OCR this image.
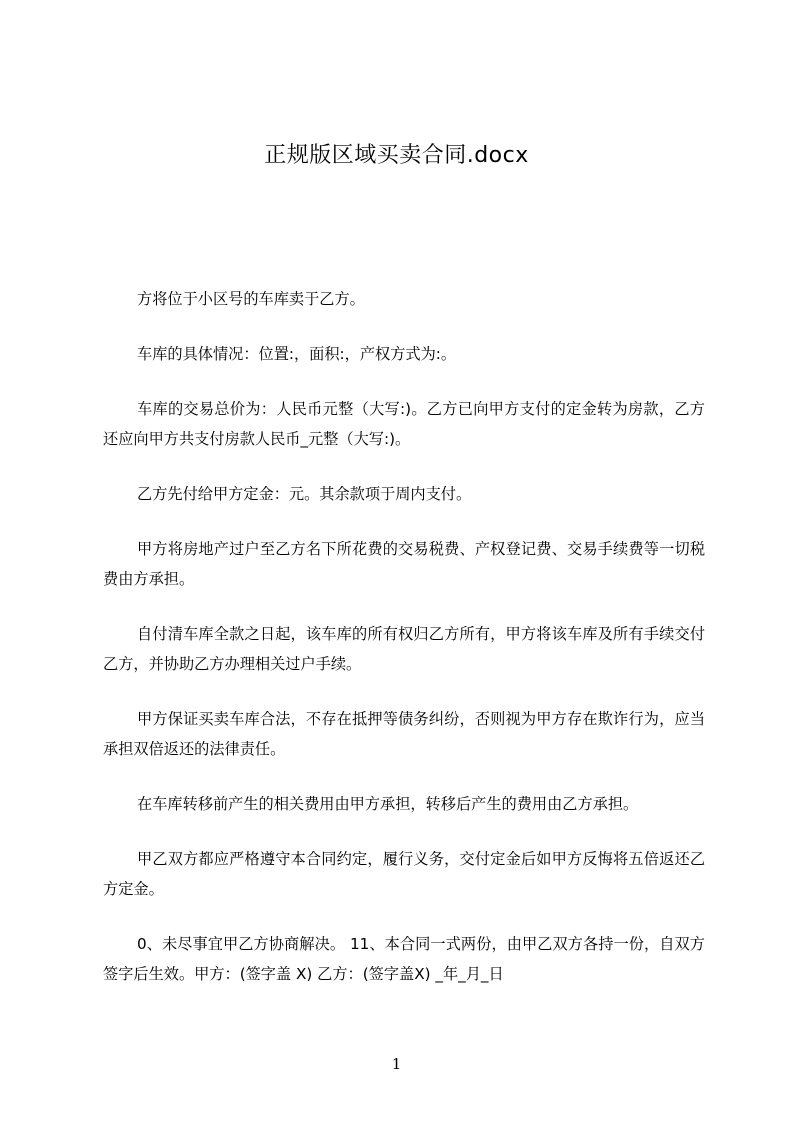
正规版区域买卖合同.docx

方将位于小区号的车库卖于乙方。

车库的具体情况：位置:，面积:，产权方式为:。

车库的交易总价为：人民币元整（大写:)。乙方已向甲方支付的定金转为房款，乙方还应向甲方共支付房款人民币_元整（大写:)。

乙方先付给甲方定金：元。其余款项于周内支付。

甲方将房地产过户至乙方名下所花费的交易税费、产权登记费、交易手续费等一切税费由方承担。

自付清车库全款之日起，该车库的所有权归乙方所有，甲方将该车库及所有手续交付乙方，并协助乙方办理相关过户手续。

甲方保证买卖车库合法，不存在抵押等债务纠纷，否则视为甲方存在欺诈行为，应当承担双倍返还的法律责任。

在车库转移前产生的相关费用由甲方承担，转移后产生的费用由乙方承担。

甲乙双方都应严格遵守本合同约定，履行义务，交付定金后如甲方反悔将五倍返还乙方定金。

0、未尽事宜甲乙方协商解决。 11、本合同一式两份，由甲乙双方各持一份，自双方签字后生效。甲方：(签字盖 X) 乙方：(签字盖X) _年_月_日

1
